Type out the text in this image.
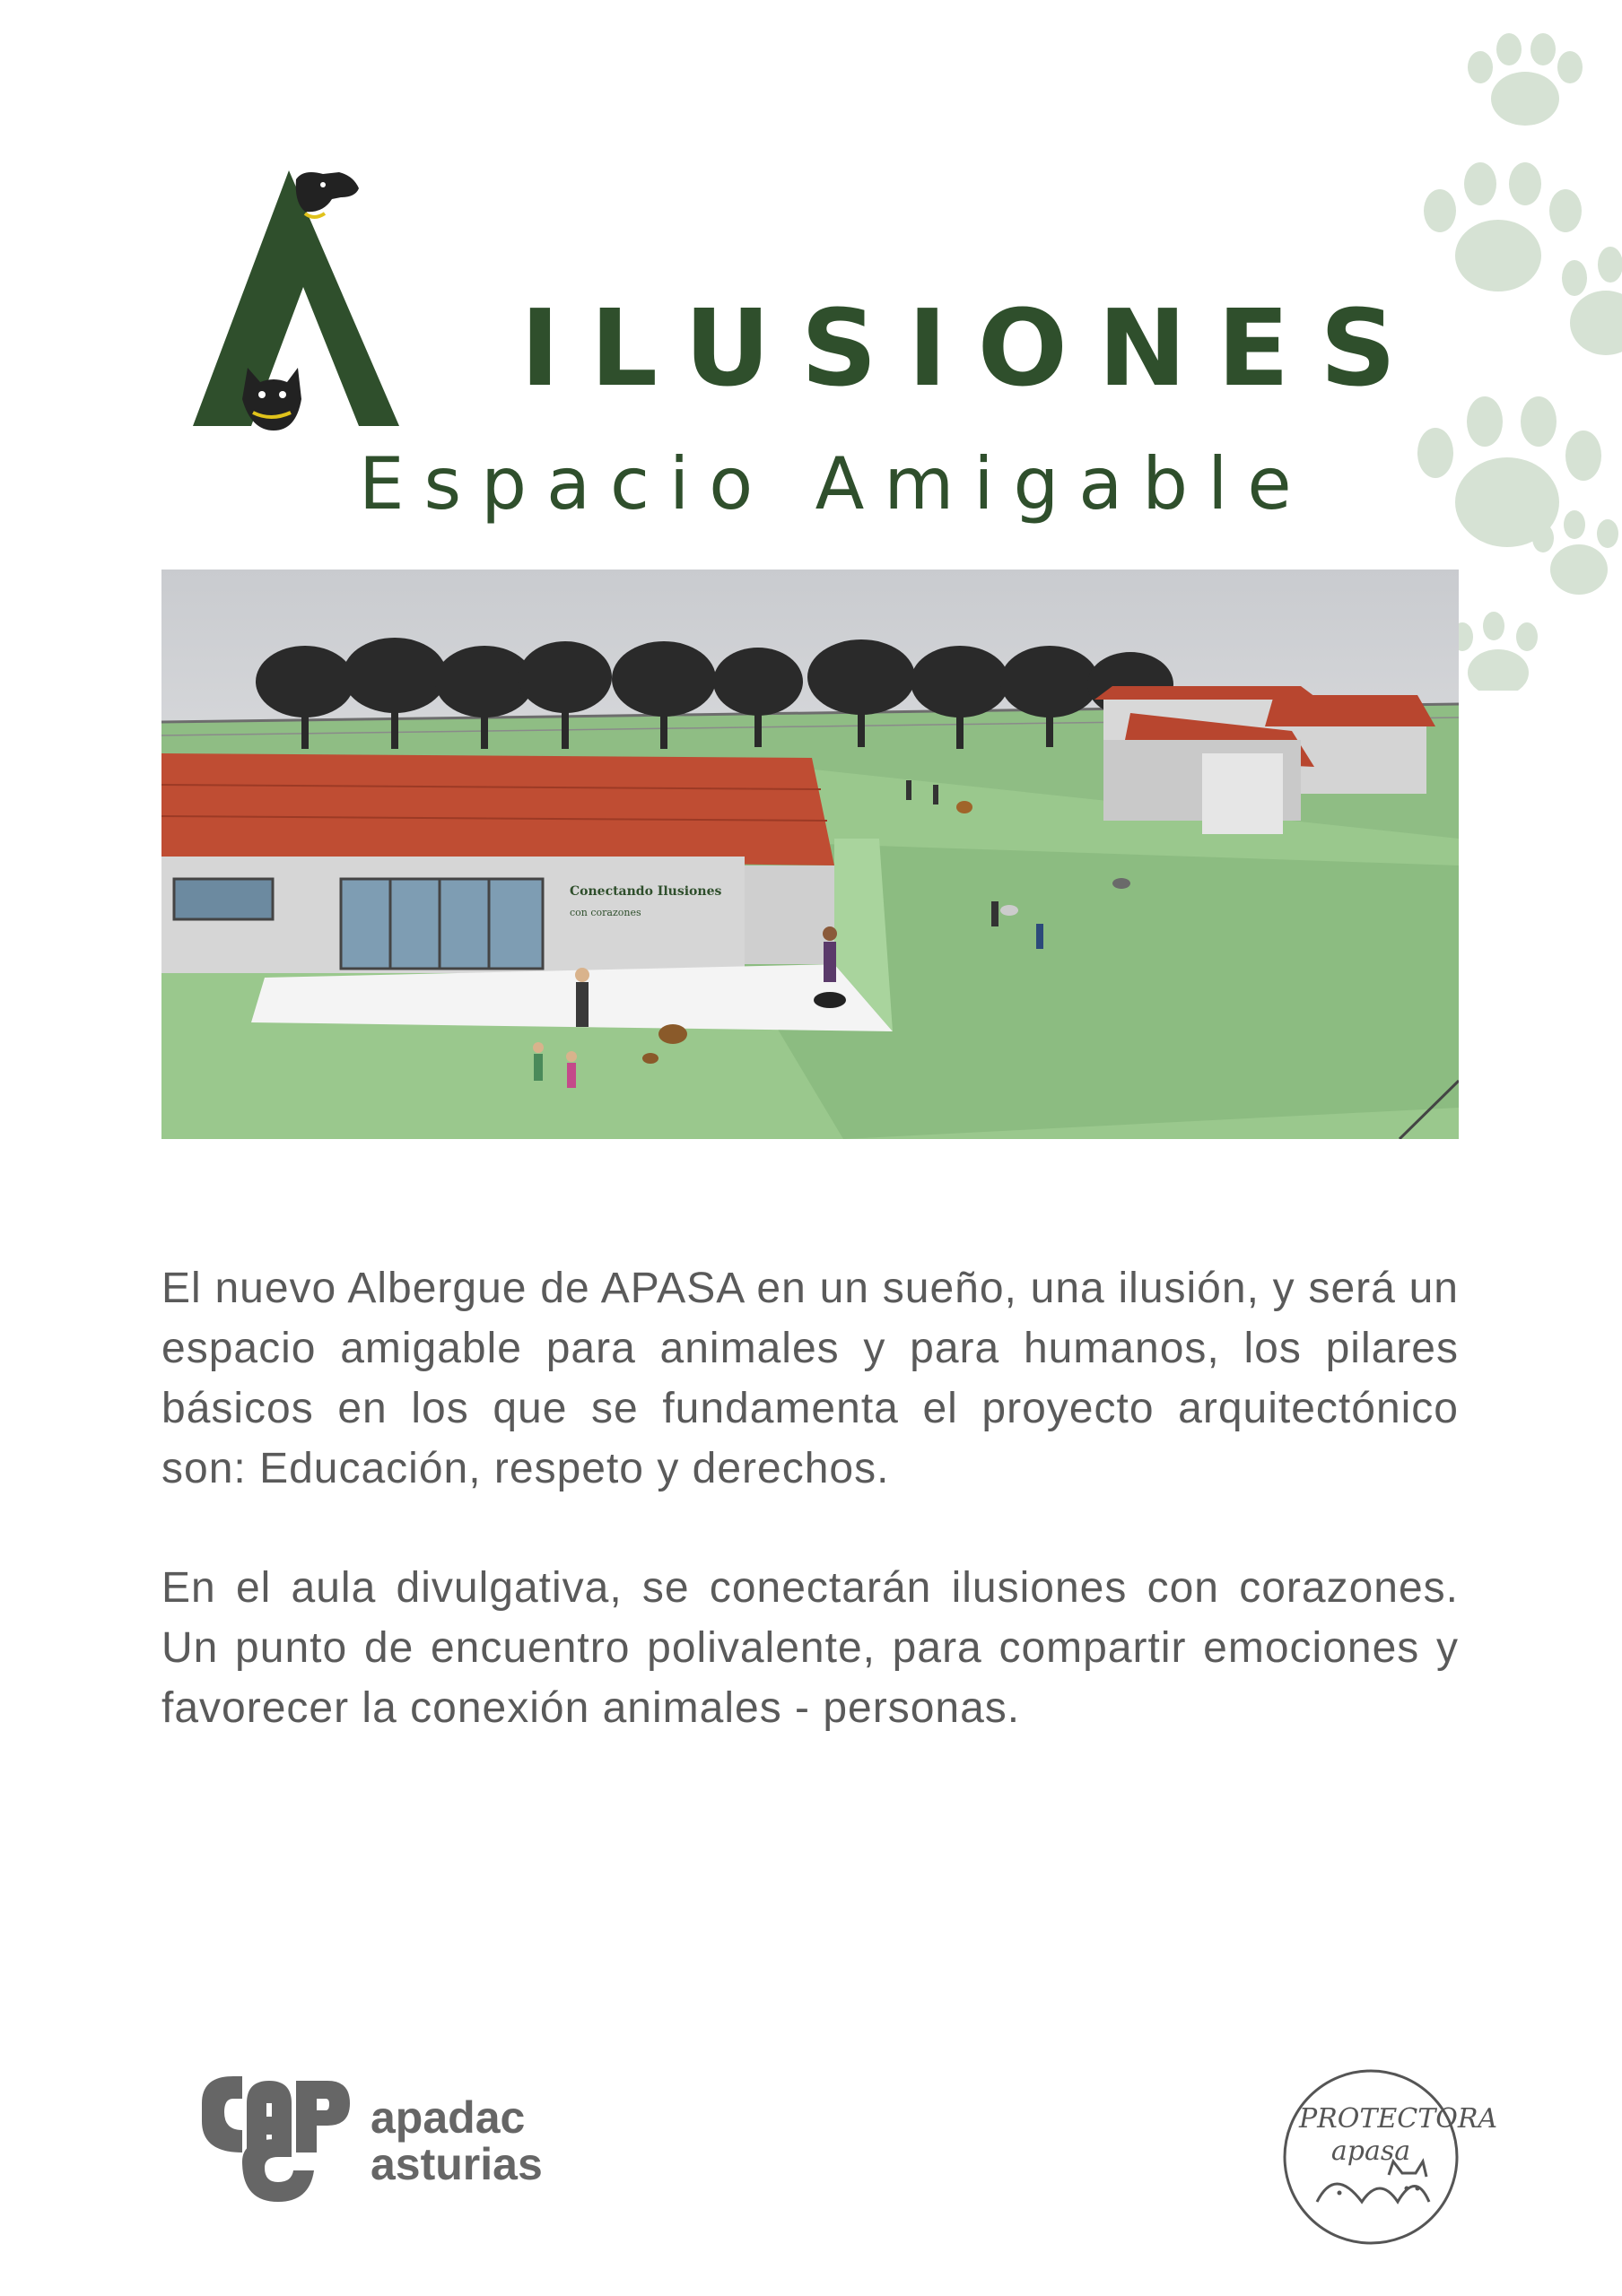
ILUSIONES
Espacio Amigable
Conectando Ilusiones
con corazones

El nuevo Albergue de APASA en un sueño, una ilusión, y será un espacio amigable para animales y para humanos, los pilares básicos en los que se fundamenta el proyecto arquitectónico son: Educación, respeto y derechos.

En el aula divulgativa, se conectarán ilusiones con corazones. Un punto de encuentro polivalente, para compartir emociones y favorecer la conexión animales - personas.

apadac asturias
PROTECTORA apasa
